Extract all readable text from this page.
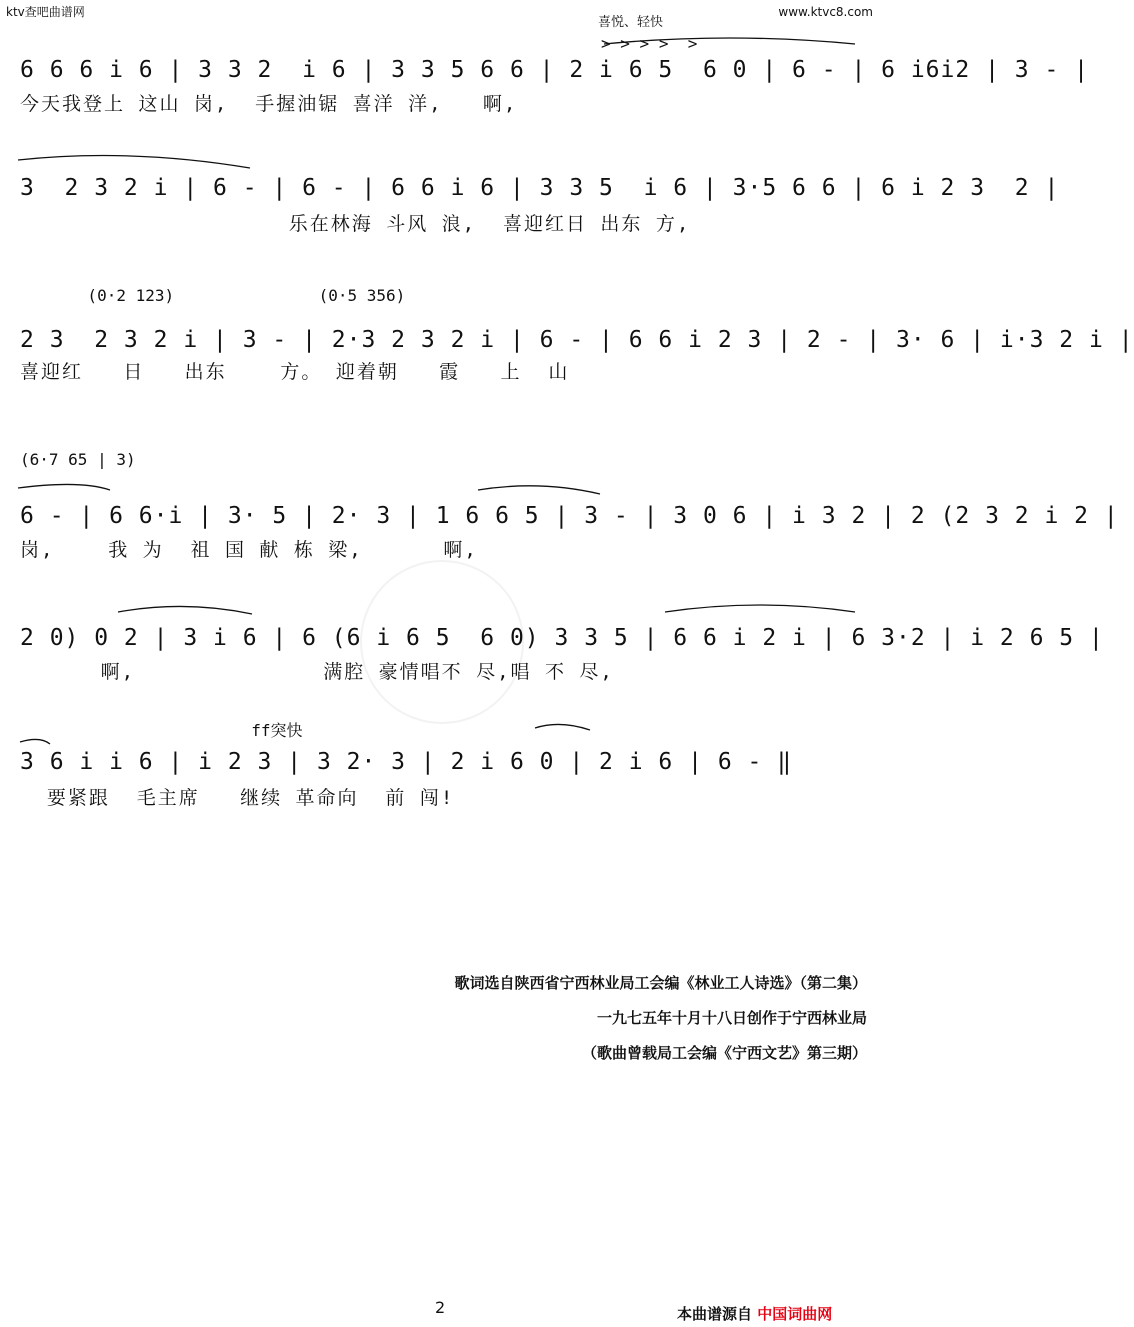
ktv查吧曲谱网	www.ktvc8.com
喜悦、轻快
> > > >  >
6 6 6 i 6 | 3 3 2  i 6 | 3 3 5 6 6 | 2 i 6 5  6 0 | 6 - | 6 i6i2 | 3 - |
今天我登上 这山 岗,  手握油锯 喜洋 洋,   啊,
3  2 3 2 i | 6 - | 6 - | 6 6 i 6 | 3 3 5  i 6 | 3·5 6 6 | 6 i 2 3  2 |
乐在林海 斗风 浪,  喜迎红日 出东 方,
(0·2 123)               (0·5 356)
2 3  2 3 2 i | 3 - | 2·3 2 3 2 i | 6 - | 6 6 i 2 3 | 2 - | 3· 6 | i·3 2 i |
喜迎红   日   出东    方。 迎着朝   霞   上  山
(6·7 65 | 3)
6 - | 6 6·i | 3· 5 | 2· 3 | 1 6 6 5 | 3 - | 3 0 6 | i 3 2 | 2 (2 3 2 i 2 |
岗,    我 为  祖 国 献 栋 梁,      啊,
2 0) 0 2 | 3 i 6 | 6 (6 i 6 5  6 0) 3 3 5 | 6 6 i 2 i | 6 3·2 | i 2 6 5 |
啊,              满腔 豪情唱不 尽,唱 不 尽,
ff突快
3 6 i i 6 | i 2 3 | 3 2· 3 | 2 i 6 0 | 2 i 6 | 6 - ‖
要紧跟  毛主席   继续 革命向  前 闯!
歌词选自陕西省宁西林业局工会编《林业工人诗选》（第二集）
一九七五年十月十八日创作于宁西林业局
（歌曲曾载局工会编《宁西文艺》第三期）
2	本曲谱源自 中国词曲网
